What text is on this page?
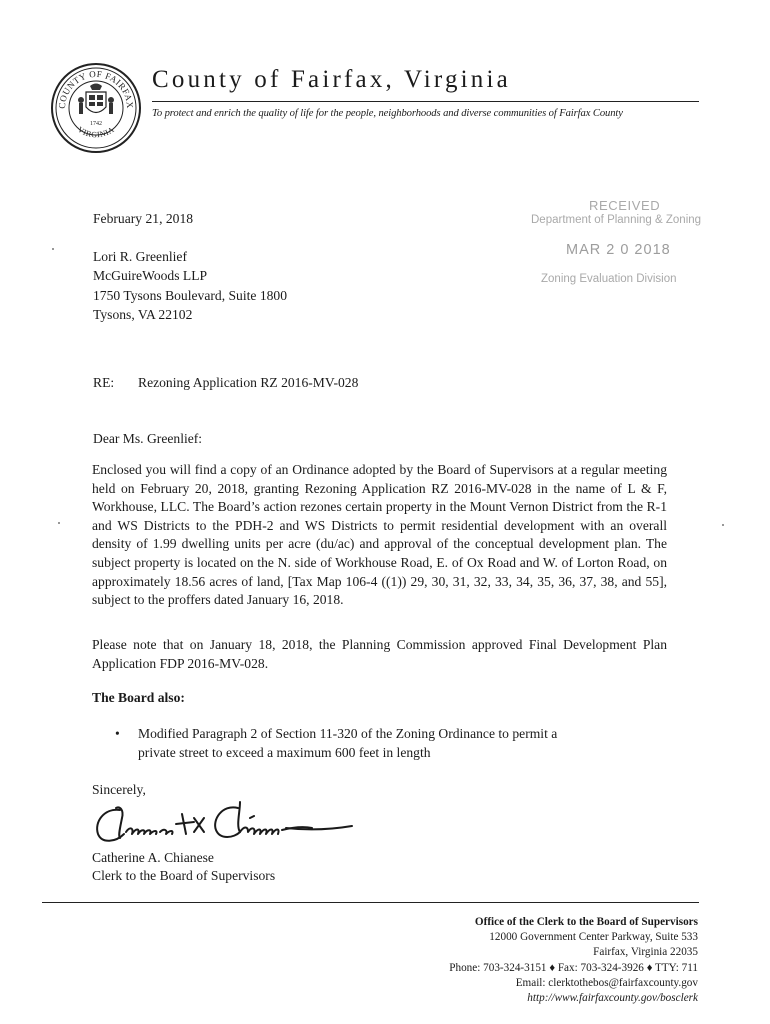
COUNTY OF FAIRFAX
VIRGINIA
1742
County of Fairfax, Virginia
To protect and enrich the quality of life for the people, neighborhoods and diverse communities of Fairfax County
RECEIVED
Department of Planning & Zoning
MAR 2 0 2018
Zoning Evaluation Division
February 21, 2018
Lori R. Greenlief
McGuireWoods LLP
1750 Tysons Boulevard, Suite 1800
Tysons, VA 22102
RE: Rezoning Application RZ 2016-MV-028
Dear Ms. Greenlief:
Enclosed you will find a copy of an Ordinance adopted by the Board of Supervisors at a regular meeting held on February 20, 2018, granting Rezoning Application RZ 2016-MV-028 in the name of L & F, Workhouse, LLC. The Board’s action rezones certain property in the Mount Vernon District from the R-1 and WS Districts to the PDH-2 and WS Districts to permit residential development with an overall density of 1.99 dwelling units per acre (du/ac) and approval of the conceptual development plan. The subject property is located on the N. side of Workhouse Road, E. of Ox Road and W. of Lorton Road, on approximately 18.56 acres of land, [Tax Map 106-4 ((1)) 29, 30, 31, 32, 33, 34, 35, 36, 37, 38, and 55], subject to the proffers dated January 16, 2018.
Please note that on January 18, 2018, the Planning Commission approved Final Development Plan Application FDP 2016-MV-028.
The Board also:
• Modified Paragraph 2 of Section 11-320 of the Zoning Ordinance to permit a
private street to exceed a maximum 600 feet in length
Sincerely,
Catherine A. Chianese
Clerk to the Board of Supervisors
Office of the Clerk to the Board of Supervisors
12000 Government Center Parkway, Suite 533
Fairfax, Virginia 22035
Phone: 703-324-3151 ♦ Fax: 703-324-3926 ♦ TTY: 711
Email: clerktothebos@fairfaxcounty.gov
http://www.fairfaxcounty.gov/bosclerk
